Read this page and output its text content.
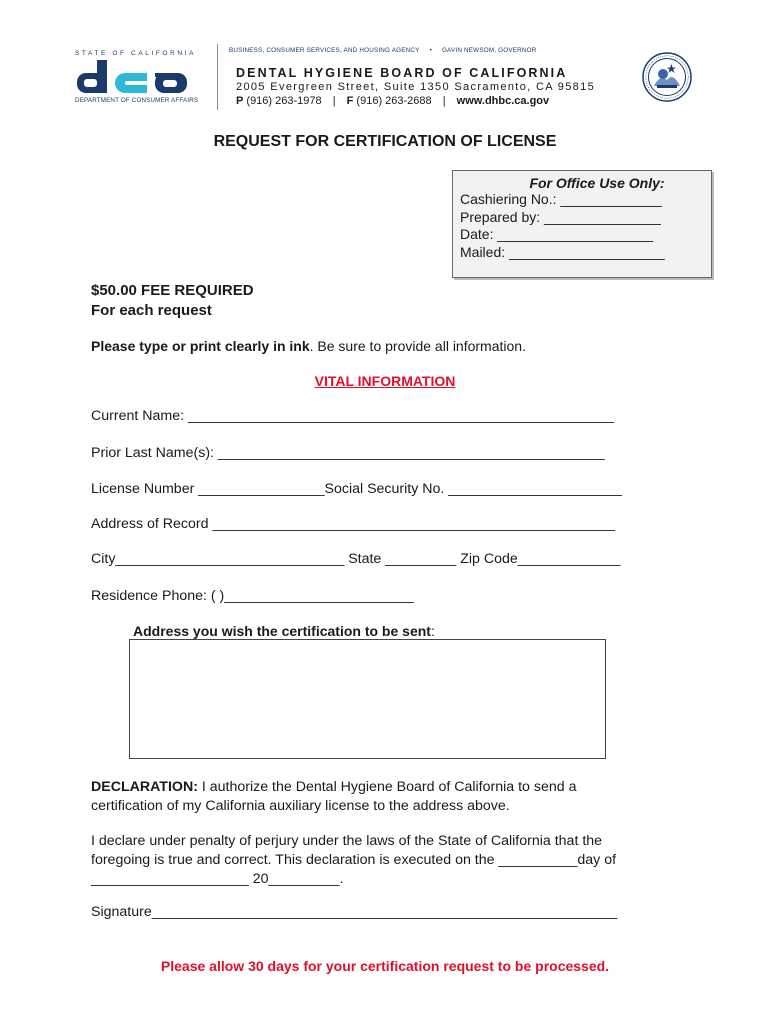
STATE OF CALIFORNIA
DEPARTMENT OF CONSUMER AFFAIRS
BUSINESS, CONSUMER SERVICES, AND HOUSING AGENCY • GAVIN NEWSOM, GOVERNOR
DENTAL HYGIENE BOARD OF CALIFORNIA
2005 Evergreen Street, Suite 1350 Sacramento, CA 95815
P (916) 263-1978 | F (916) 263-2688 | www.dhbc.ca.gov
REQUEST FOR CERTIFICATION OF LICENSE
For Office Use Only:
Cashiering No.: _____________
Prepared by: _______________
Date: ____________________
Mailed: ____________________
$50.00 FEE REQUIRED
For each request
Please type or print clearly in ink. Be sure to provide all information.
VITAL INFORMATION
Current Name: ______________________________________________________
Prior Last Name(s): _________________________________________________
License Number ________________Social Security No. ______________________
Address of Record ___________________________________________________
City_____________________________ State _________ Zip Code_____________
Residence Phone: ( )________________________
Address you wish the certification to be sent:
DECLARATION: I authorize the Dental Hygiene Board of California to send a
certification of my California auxiliary license to the address above.
I declare under penalty of perjury under the laws of the State of California that the
foregoing is true and correct. This declaration is executed on the __________day of
____________________ 20_________.
Signature___________________________________________________________
Please allow 30 days for your certification request to be processed.
